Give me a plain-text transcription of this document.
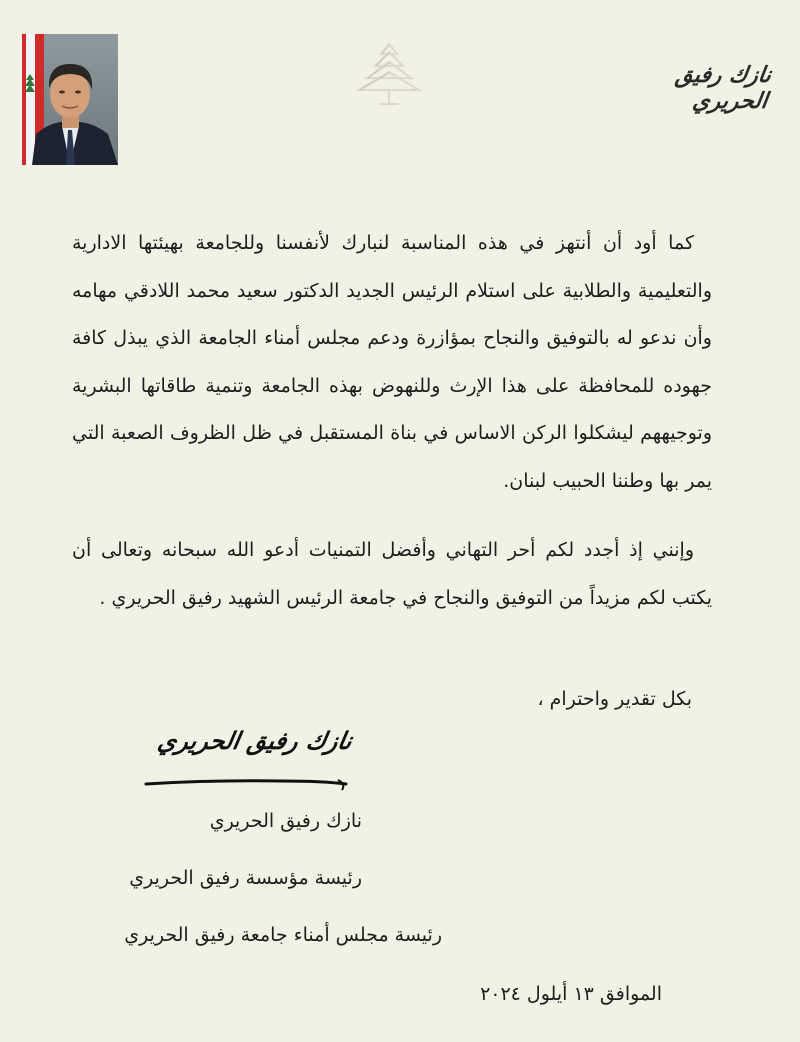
نازك رفيق الحريري
كما أود أن أنتهز في هذه المناسبة لنبارك لأنفسنا وللجامعة بهيئتها الادارية والتعليمية والطلابية على استلام الرئيس الجديد الدكتور سعيد محمد اللادقي مهامه وأن ندعو له بالتوفيق والنجاح بمؤازرة ودعم مجلس أمناء الجامعة الذي يبذل كافة جهوده للمحافظة على هذا الإرث وللنهوض بهذه الجامعة وتنمية طاقاتها البشرية وتوجيههم ليشكلوا الركن الاساس في بناة المستقبل في ظل الظروف الصعبة التي يمر بها وطننا الحبيب لبنان.
وإنني إذ أجدد لكم أحر التهاني وأفضل التمنيات أدعو الله سبحانه وتعالى أن يكتب لكم مزيداً من التوفيق والنجاح في جامعة الرئيس الشهيد رفيق الحريري .
بكل تقدير واحترام ،
نازك رفيق الحريري
نازك رفيق الحريري
رئيسة مؤسسة رفيق الحريري
رئيسة مجلس أمناء جامعة رفيق الحريري
الموافق ١٣ أيلول ٢٠٢٤
